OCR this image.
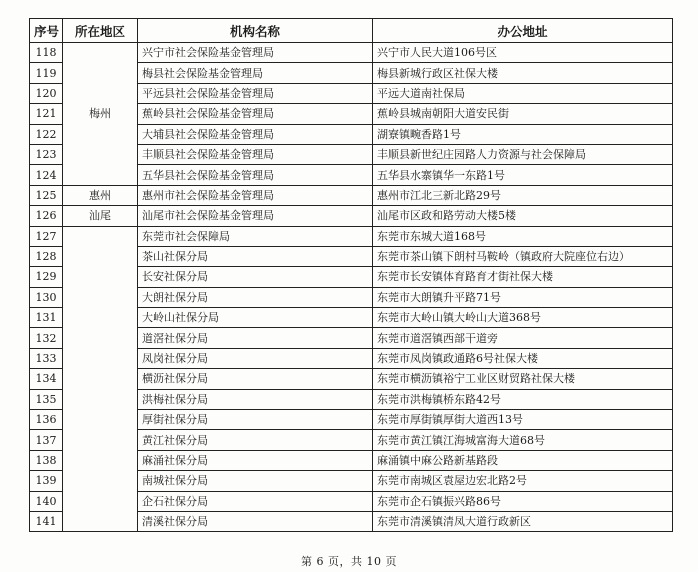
序号	所在地区	机构名称	办公地址
118	梅州	兴宁市社会保险基金管理局	兴宁市人民大道106号区
119		梅县社会保险基金管理局	梅县新城行政区社保大楼
120		平远县社会保险基金管理局	平远大道南社保局
121		蕉岭县社会保险基金管理局	蕉岭县城南朝阳大道安民街
122		大埔县社会保险基金管理局	湖寮镇畹香路1号
123		丰顺县社会保险基金管理局	丰顺县新世纪庄园路人力资源与社会保障局
124		五华县社会保险基金管理局	五华县水寨镇华一东路1号
125	惠州	惠州市社会保险基金管理局	惠州市江北三新北路29号
126	汕尾	汕尾市社会保险基金管理局	汕尾市区政和路劳动大楼5楼
127		东莞市社会保障局	东莞市东城大道168号
128		茶山社保分局	东莞市茶山镇下朗村马鞍岭（镇政府大院座位右边）
129		长安社保分局	东莞市长安镇体育路育才街社保大楼
130		大朗社保分局	东莞市大朗镇升平路71号
131		大岭山社保分局	东莞市大岭山镇大岭山大道368号
132		道滘社保分局	东莞市道滘镇西部干道旁
133		凤岗社保分局	东莞市凤岗镇政通路6号社保大楼
134		横沥社保分局	东莞市横沥镇裕宁工业区财贸路社保大楼
135		洪梅社保分局	东莞市洪梅镇桥东路42号
136		厚街社保分局	东莞市厚街镇厚街大道西13号
137		黄江社保分局	东莞市黄江镇江海城富海大道68号
138		麻涌社保分局	麻涌镇中麻公路新基路段
139		南城社保分局	东莞市南城区袁屋边宏北路2号
140		企石社保分局	东莞市企石镇振兴路86号
141		清溪社保分局	东莞市清溪镇清凤大道行政新区
第 6 页，共 10 页
